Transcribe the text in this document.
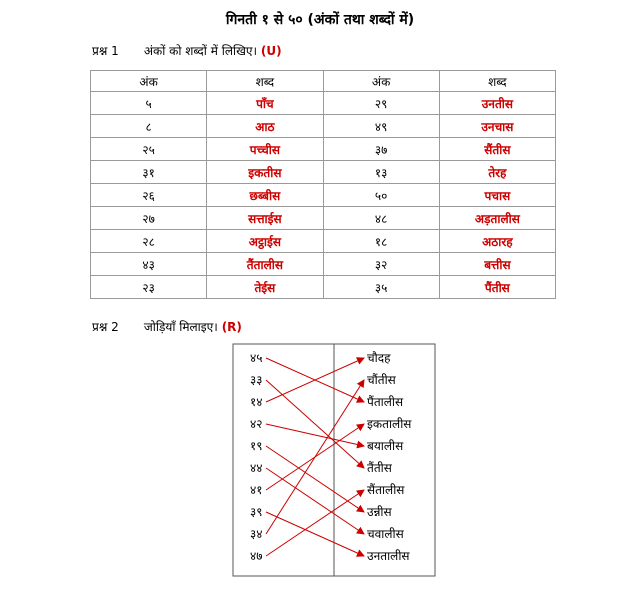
गिनती १ से ५० (अंकों तथा शब्दों में)
प्रश्न 1 अंकों को शब्दों में लिखिए। (U)
अंक	शब्द	अंक	शब्द
५	पाँच	२९	उनतीस
८	आठ	४९	उनचास
२५	पच्चीस	३७	सैंतीस
३१	इकतीस	१३	तेरह
२६	छब्बीस	५०	पचास
२७	सत्ताईस	४८	अड़तालीस
२८	अट्ठाईस	१८	अठारह
४३	तैंतालीस	३२	बत्तीस
२३	तेईस	३५	पैंतीस
प्रश्न 2 जोड़ियाँ मिलाइए। (R)
४५
३३
१४
४२
१९
४४
४१
३९
३४
४७
चौदह
चौंतीस
पैंतालीस
इकतालीस
बयालीस
तैंतीस
सैंतालीस
उन्नीस
चवालीस
उनतालीस
